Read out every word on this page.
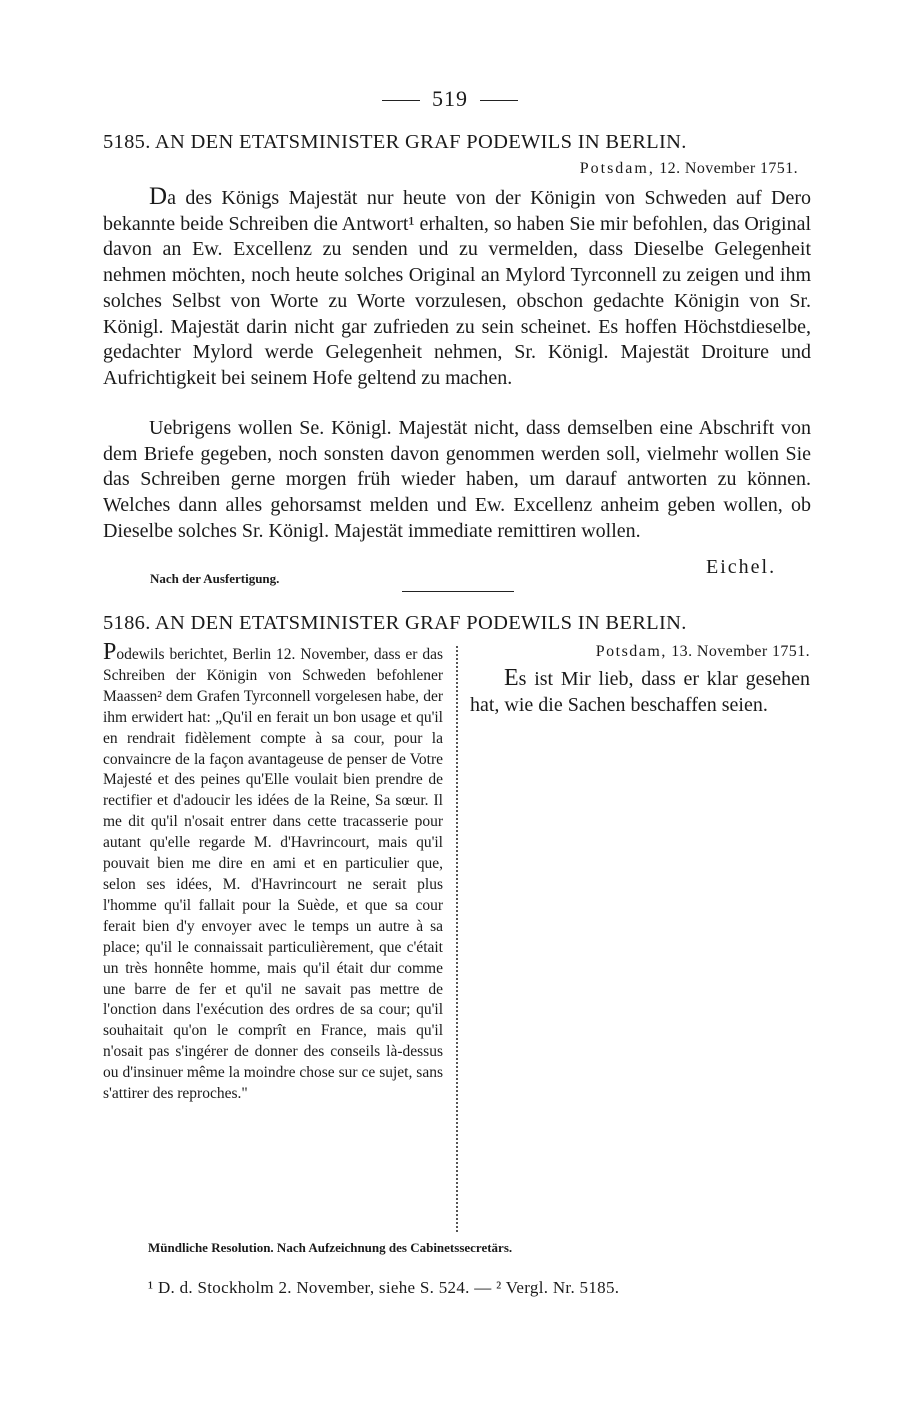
519
5185. AN DEN ETATSMINISTER GRAF PODEWILS IN BERLIN.
Potsdam, 12. November 1751.
Da des Königs Majestät nur heute von der Königin von Schweden auf Dero bekannte beide Schreiben die Antwort¹ erhalten, so haben Sie mir befohlen, das Original davon an Ew. Excellenz zu senden und zu vermelden, dass Dieselbe Gelegenheit nehmen möchten, noch heute solches Original an Mylord Tyrconnell zu zeigen und ihm solches Selbst von Worte zu Worte vorzulesen, obschon gedachte Königin von Sr. Königl. Majestät darin nicht gar zufrieden zu sein scheinet. Es hoffen Höchstdieselbe, gedachter Mylord werde Gelegenheit nehmen, Sr. Königl. Majestät Droiture und Aufrichtigkeit bei seinem Hofe geltend zu machen.
Uebrigens wollen Se. Königl. Majestät nicht, dass demselben eine Abschrift von dem Briefe gegeben, noch sonsten davon genommen werden soll, vielmehr wollen Sie das Schreiben gerne morgen früh wieder haben, um darauf antworten zu können. Welches dann alles gehorsamst melden und Ew. Excellenz anheim geben wollen, ob Dieselbe solches Sr. Königl. Majestät immediate remittiren wollen.
Eichel.
Nach der Ausfertigung.
5186. AN DEN ETATSMINISTER GRAF PODEWILS IN BERLIN.
Podewils berichtet, Berlin 12. November, dass er das Schreiben der Königin von Schweden befohlener Maassen² dem Grafen Tyrconnell vorgelesen habe, der ihm erwidert hat: „Qu'il en ferait un bon usage et qu'il en rendrait fidèlement compte à sa cour, pour la convaincre de la façon avantageuse de penser de Votre Majesté et des peines qu'Elle voulait bien prendre de rectifier et d'adoucir les idées de la Reine, Sa sœur. Il me dit qu'il n'osait entrer dans cette tracasserie pour autant qu'elle regarde M. d'Havrincourt, mais qu'il pouvait bien me dire en ami et en particulier que, selon ses idées, M. d'Havrincourt ne serait plus l'homme qu'il fallait pour la Suède, et que sa cour ferait bien d'y envoyer avec le temps un autre à sa place; qu'il le connaissait particulièrement, que c'était un très honnête homme, mais qu'il était dur comme une barre de fer et qu'il ne savait pas mettre de l'onction dans l'exécution des ordres de sa cour; qu'il souhaitait qu'on le comprît en France, mais qu'il n'osait pas s'ingérer de donner des conseils là-dessus ou d'insinuer même la moindre chose sur ce sujet, sans s'attirer des reproches."
Potsdam, 13. November 1751.
Es ist Mir lieb, dass er klar gesehen hat, wie die Sachen beschaffen seien.
Mündliche Resolution. Nach Aufzeichnung des Cabinetssecretärs.
¹ D. d. Stockholm 2. November, siehe S. 524. — ² Vergl. Nr. 5185.
